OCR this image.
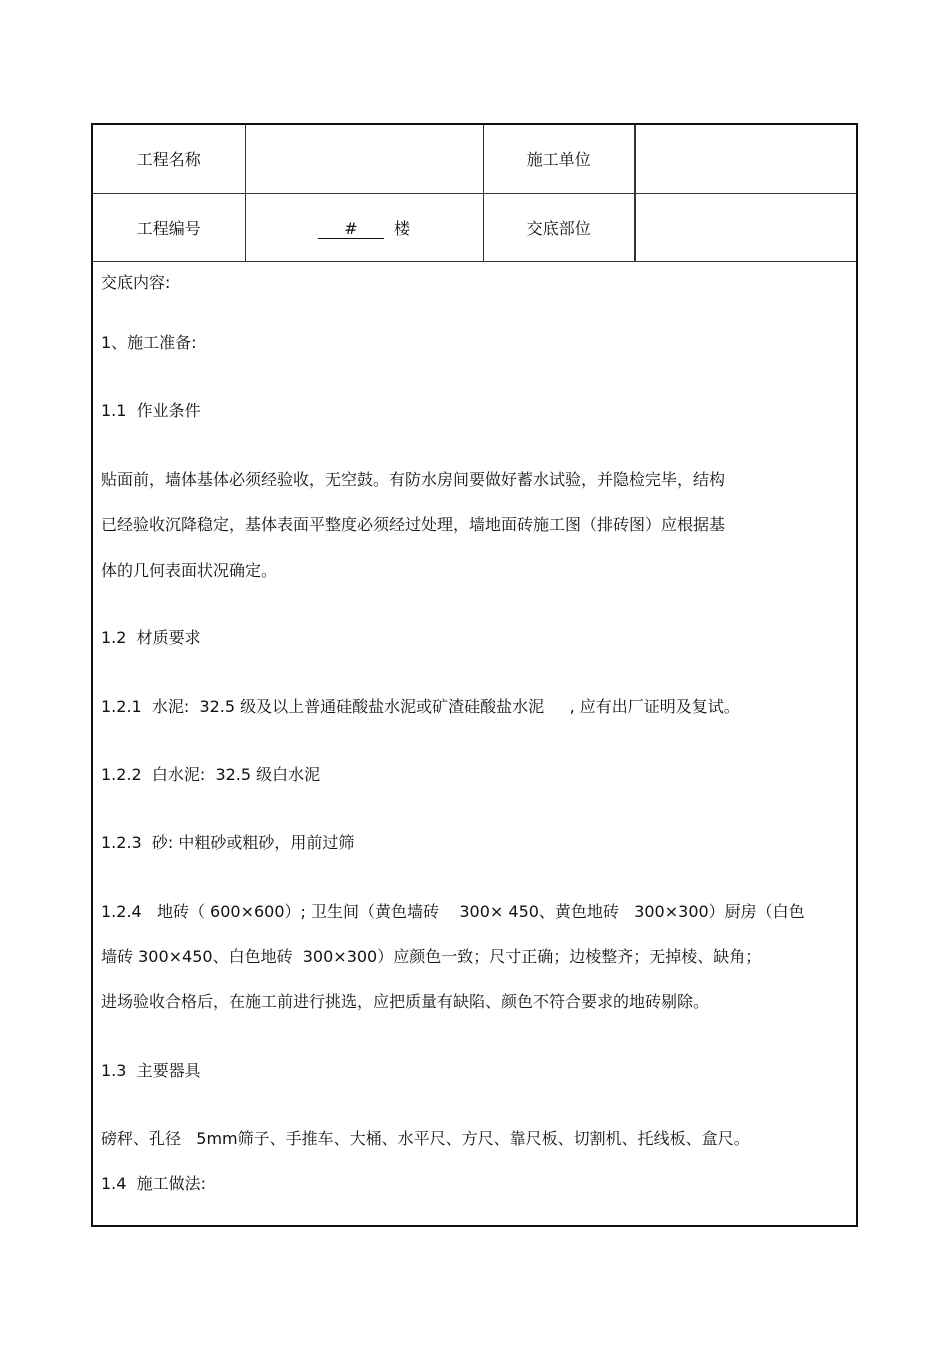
工程名称		施工单位	
工程编号	# 楼	交底部位	
交底内容:
1、施工准备:
1.1  作业条件
贴面前，墙体基体必须经验收，无空鼓。有防水房间要做好蓄水试验，并隐检完毕，结构
已经验收沉降稳定，基体表面平整度必须经过处理，墙地面砖施工图（排砖图）应根据基
体的几何表面状况确定。
1.2  材质要求
1.2.1  水泥:  32.5 级及以上普通硅酸盐水泥或矿渣硅酸盐水泥     , 应有出厂证明及复试。
1.2.2  白水泥:  32.5 级白水泥
1.2.3  砂: 中粗砂或粗砂，用前过筛
1.2.4   地砖（ 600×600）; 卫生间（黄色墙砖    300× 450、黄色地砖   300×300）厨房（白色
墙砖 300×450、白色地砖  300×300）应颜色一致；尺寸正确；边棱整齐；无掉棱、缺角；
进场验收合格后，在施工前进行挑选，应把质量有缺陷、颜色不符合要求的地砖剔除。
1.3  主要器具
磅秤、孔径   5mm筛子、手推车、大桶、水平尺、方尺、靠尺板、切割机、托线板、盒尺。
1.4  施工做法:
